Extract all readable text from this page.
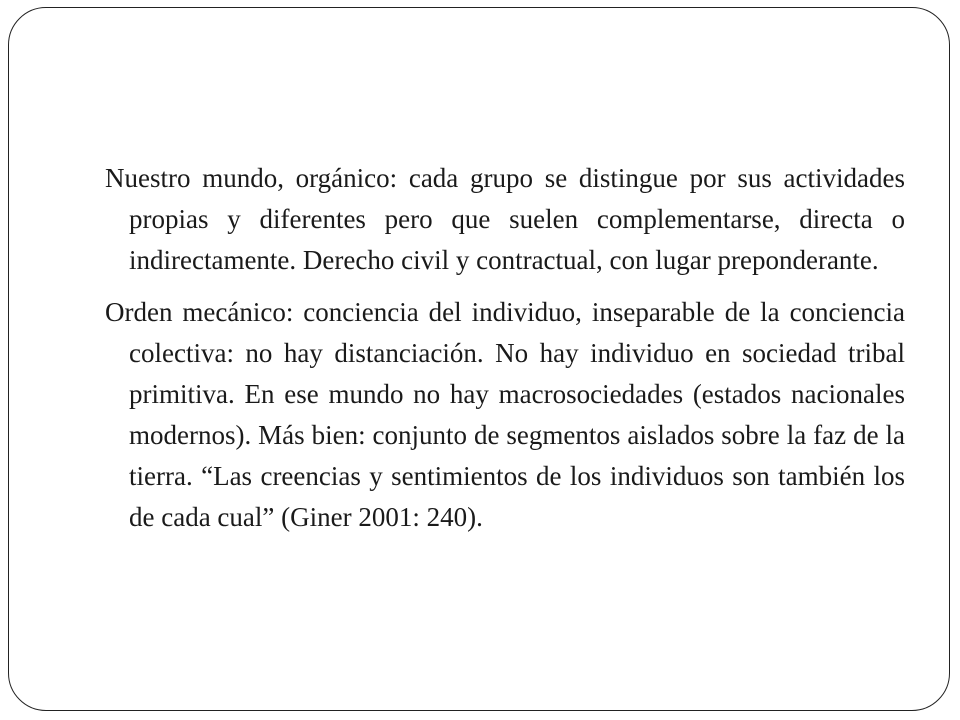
Nuestro mundo, orgánico: cada grupo se distingue por sus actividades propias y diferentes pero que suelen complementarse, directa o indirectamente. Derecho civil y contractual, con lugar preponderante.

Orden mecánico: conciencia del individuo, inseparable de la conciencia colectiva: no hay distanciación. No hay individuo en sociedad tribal primitiva. En ese mundo no hay macrosociedades (estados nacionales modernos). Más bien: conjunto de segmentos aislados sobre la faz de la tierra. “Las creencias y sentimientos de los individuos son también los de cada cual” (Giner 2001: 240).
